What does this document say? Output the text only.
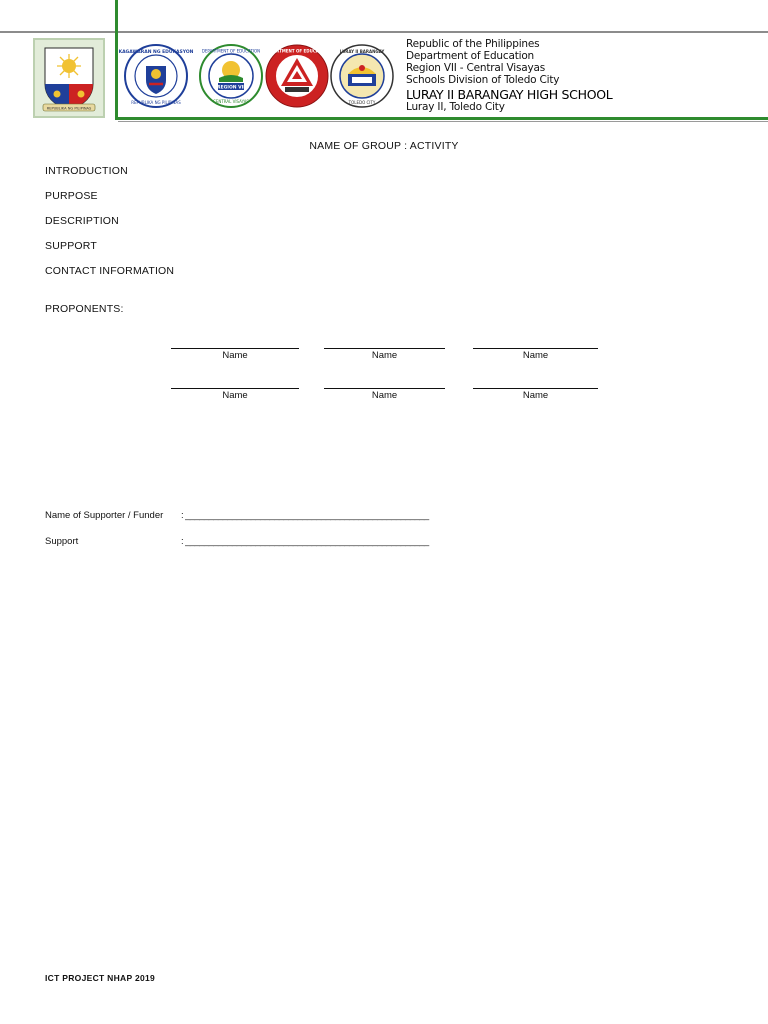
REPUBLIKA NG PILIPINAS
KAGAWARAN NG EDUKASYON
REPUBLIKA NG PILIPINAS
REGION VII
DEPARTMENT OF EDUCATION
CENTRAL VISAYAS
DEPARTMENT OF EDUCATION	LURAY II BARANGAY
TOLEDO CITY
Republic of the Philippines
Department of Education
Region VII - Central Visayas
Schools Division of Toledo City
LURAY II BARANGAY HIGH SCHOOL
Luray II, Toledo City
NAME OF GROUP : ACTIVITY
INTRODUCTION
PURPOSE
DESCRIPTION
SUPPORT
CONTACT INFORMATION
PROPONENTS:
Name	Name	Name
Name	Name	Name
Name of Supporter / Funder : ____________________________________________________
Support	: ____________________________________________________
ICT PROJECT NHAP 2019
